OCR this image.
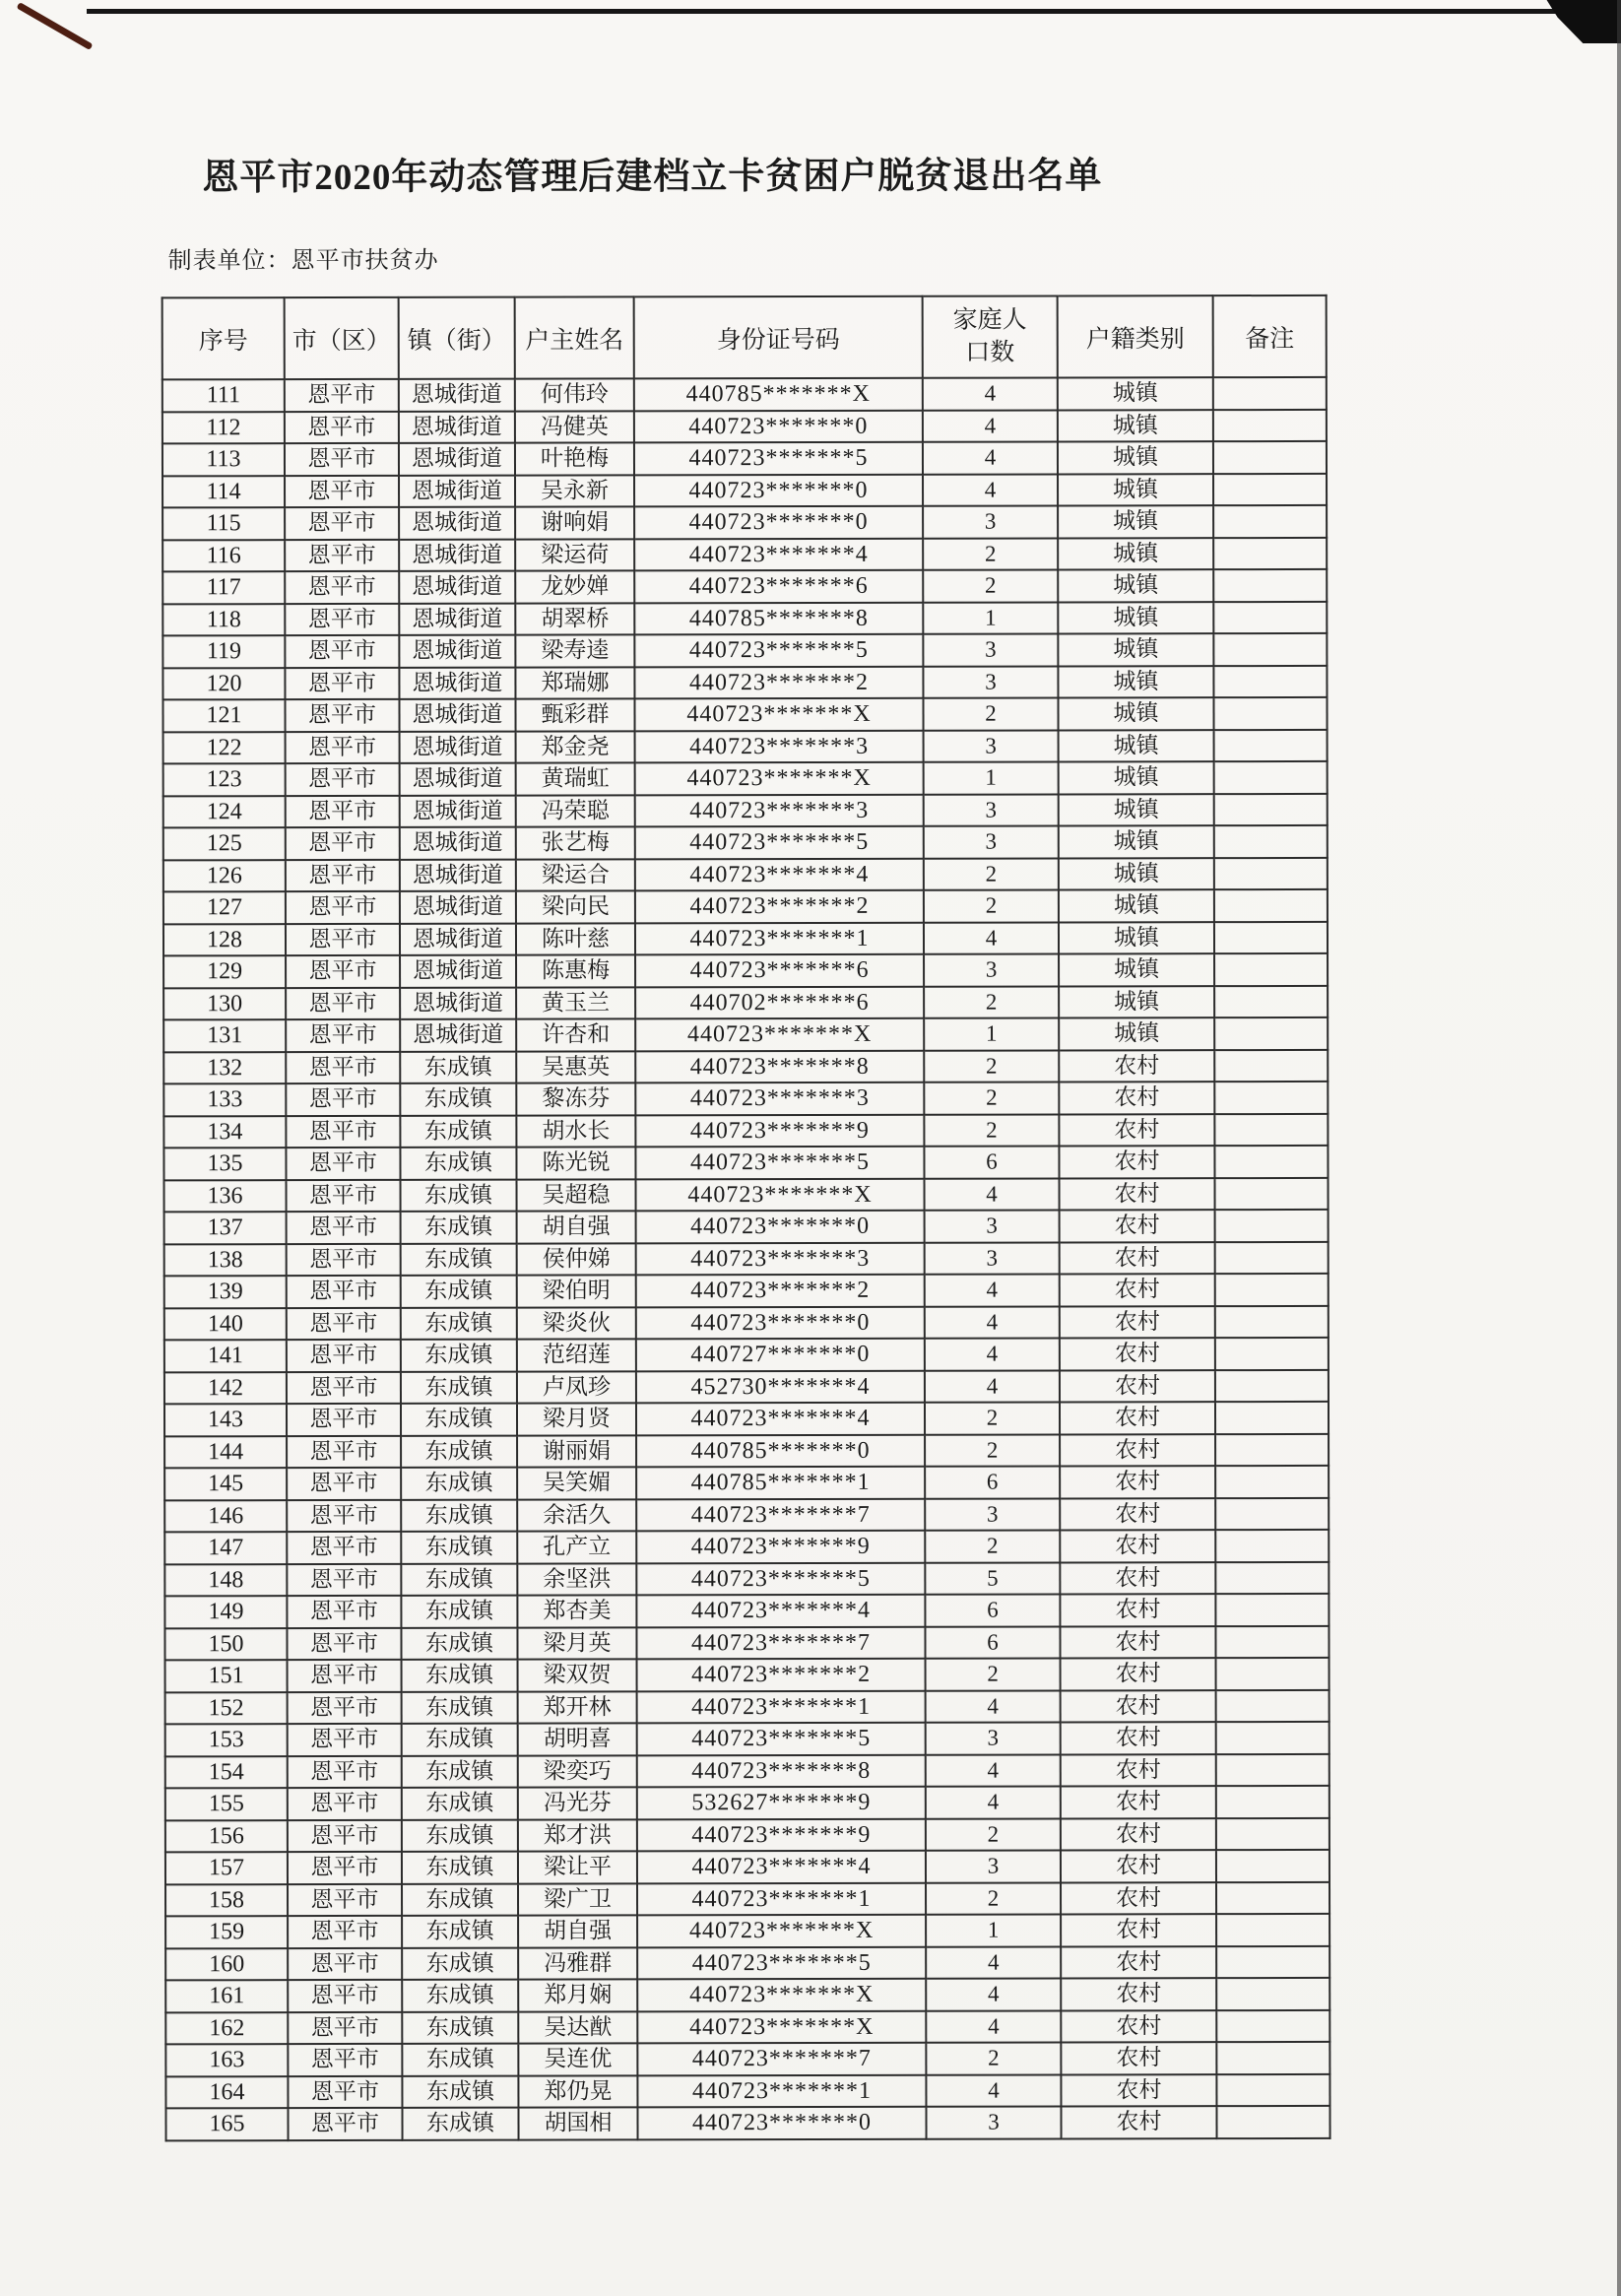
恩平市2020年动态管理后建档立卡贫困户脱贫退出名单
制表单位：恩平市扶贫办
序号	市（区）	镇（街）	户主姓名	身份证号码	家庭人口数	户籍类别	备注
111	恩平市	恩城街道	何伟玲	440785*******X	4	城镇	
112	恩平市	恩城街道	冯健英	440723*******0	4	城镇	
113	恩平市	恩城街道	叶艳梅	440723*******5	4	城镇	
114	恩平市	恩城街道	吴永新	440723*******0	4	城镇	
115	恩平市	恩城街道	谢响娟	440723*******0	3	城镇	
116	恩平市	恩城街道	梁运荷	440723*******4	2	城镇	
117	恩平市	恩城街道	龙妙婵	440723*******6	2	城镇	
118	恩平市	恩城街道	胡翠桥	440785*******8	1	城镇	
119	恩平市	恩城街道	梁寿逵	440723*******5	3	城镇	
120	恩平市	恩城街道	郑瑞娜	440723*******2	3	城镇	
121	恩平市	恩城街道	甄彩群	440723*******X	2	城镇	
122	恩平市	恩城街道	郑金尧	440723*******3	3	城镇	
123	恩平市	恩城街道	黄瑞虹	440723*******X	1	城镇	
124	恩平市	恩城街道	冯荣聪	440723*******3	3	城镇	
125	恩平市	恩城街道	张艺梅	440723*******5	3	城镇	
126	恩平市	恩城街道	梁运合	440723*******4	2	城镇	
127	恩平市	恩城街道	梁向民	440723*******2	2	城镇	
128	恩平市	恩城街道	陈叶慈	440723*******1	4	城镇	
129	恩平市	恩城街道	陈惠梅	440723*******6	3	城镇	
130	恩平市	恩城街道	黄玉兰	440702*******6	2	城镇	
131	恩平市	恩城街道	许杏和	440723*******X	1	城镇	
132	恩平市	东成镇	吴惠英	440723*******8	2	农村	
133	恩平市	东成镇	黎冻芬	440723*******3	2	农村	
134	恩平市	东成镇	胡水长	440723*******9	2	农村	
135	恩平市	东成镇	陈光锐	440723*******5	6	农村	
136	恩平市	东成镇	吴超稳	440723*******X	4	农村	
137	恩平市	东成镇	胡自强	440723*******0	3	农村	
138	恩平市	东成镇	侯仲娣	440723*******3	3	农村	
139	恩平市	东成镇	梁伯明	440723*******2	4	农村	
140	恩平市	东成镇	梁炎伙	440723*******0	4	农村	
141	恩平市	东成镇	范绍莲	440727*******0	4	农村	
142	恩平市	东成镇	卢凤珍	452730*******4	4	农村	
143	恩平市	东成镇	梁月贤	440723*******4	2	农村	
144	恩平市	东成镇	谢丽娟	440785*******0	2	农村	
145	恩平市	东成镇	吴笑媚	440785*******1	6	农村	
146	恩平市	东成镇	余活久	440723*******7	3	农村	
147	恩平市	东成镇	孔产立	440723*******9	2	农村	
148	恩平市	东成镇	余坚洪	440723*******5	5	农村	
149	恩平市	东成镇	郑杏美	440723*******4	6	农村	
150	恩平市	东成镇	梁月英	440723*******7	6	农村	
151	恩平市	东成镇	梁双贺	440723*******2	2	农村	
152	恩平市	东成镇	郑开林	440723*******1	4	农村	
153	恩平市	东成镇	胡明喜	440723*******5	3	农村	
154	恩平市	东成镇	梁奕巧	440723*******8	4	农村	
155	恩平市	东成镇	冯光芬	532627*******9	4	农村	
156	恩平市	东成镇	郑才洪	440723*******9	2	农村	
157	恩平市	东成镇	梁让平	440723*******4	3	农村	
158	恩平市	东成镇	梁广卫	440723*******1	2	农村	
159	恩平市	东成镇	胡自强	440723*******X	1	农村	
160	恩平市	东成镇	冯雅群	440723*******5	4	农村	
161	恩平市	东成镇	郑月娴	440723*******X	4	农村	
162	恩平市	东成镇	吴达猷	440723*******X	4	农村	
163	恩平市	东成镇	吴连优	440723*******7	2	农村	
164	恩平市	东成镇	郑仍晃	440723*******1	4	农村	
165	恩平市	东成镇	胡国相	440723*******0	3	农村	
